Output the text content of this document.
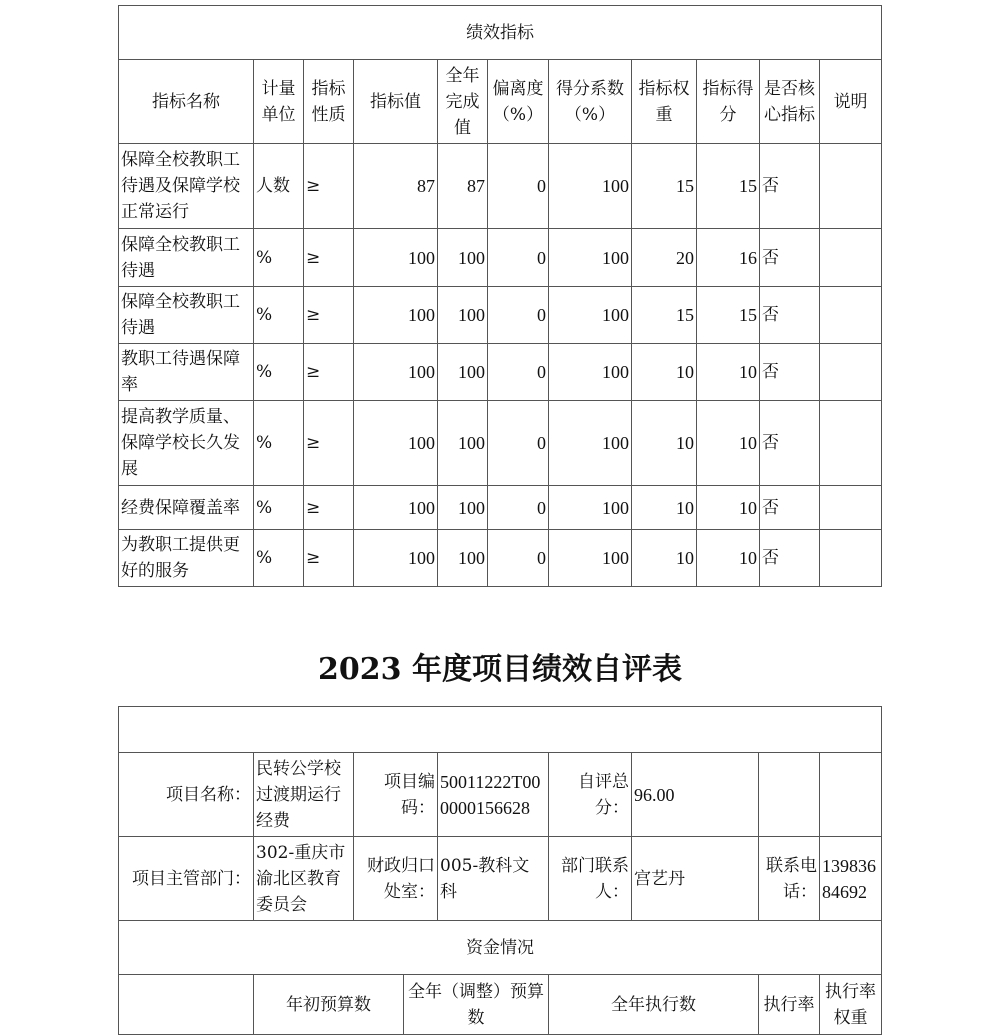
绩效指标										
指标名称	计量单位	指标性质	指标值	全年完成值	偏离度（%）	得分系数（%）	指标权重	指标得分	是否核心指标	说明
保障全校教职工待遇及保障学校正常运行	人数	≥	87	87	0	100	15	15	否	
保障全校教职工待遇	%	≥	100	100	0	100	20	16	否	
保障全校教职工待遇	%	≥	100	100	0	100	15	15	否	
教职工待遇保障率	%	≥	100	100	0	100	10	10	否	
提高教学质量、保障学校长久发展	%	≥	100	100	0	100	10	10	否	
经费保障覆盖率	%	≥	100	100	0	100	10	10	否	
为教职工提供更好的服务	%	≥	100	100	0	100	10	10	否	
2023 年度项目绩效自评表

项目名称：	民转公学校过渡期运行经费	项目编码：		50011222T000000156628	自评总分：	96.00		
项目主管部门：	302-重庆市渝北区教育委员会	财政归口处室：		005-教科文科	部门联系人：	宫艺丹	联系电话：	13983684692
资金情况								
	年初预算数		全年（调整）预算数		全年执行数		执行率	执行率权重
